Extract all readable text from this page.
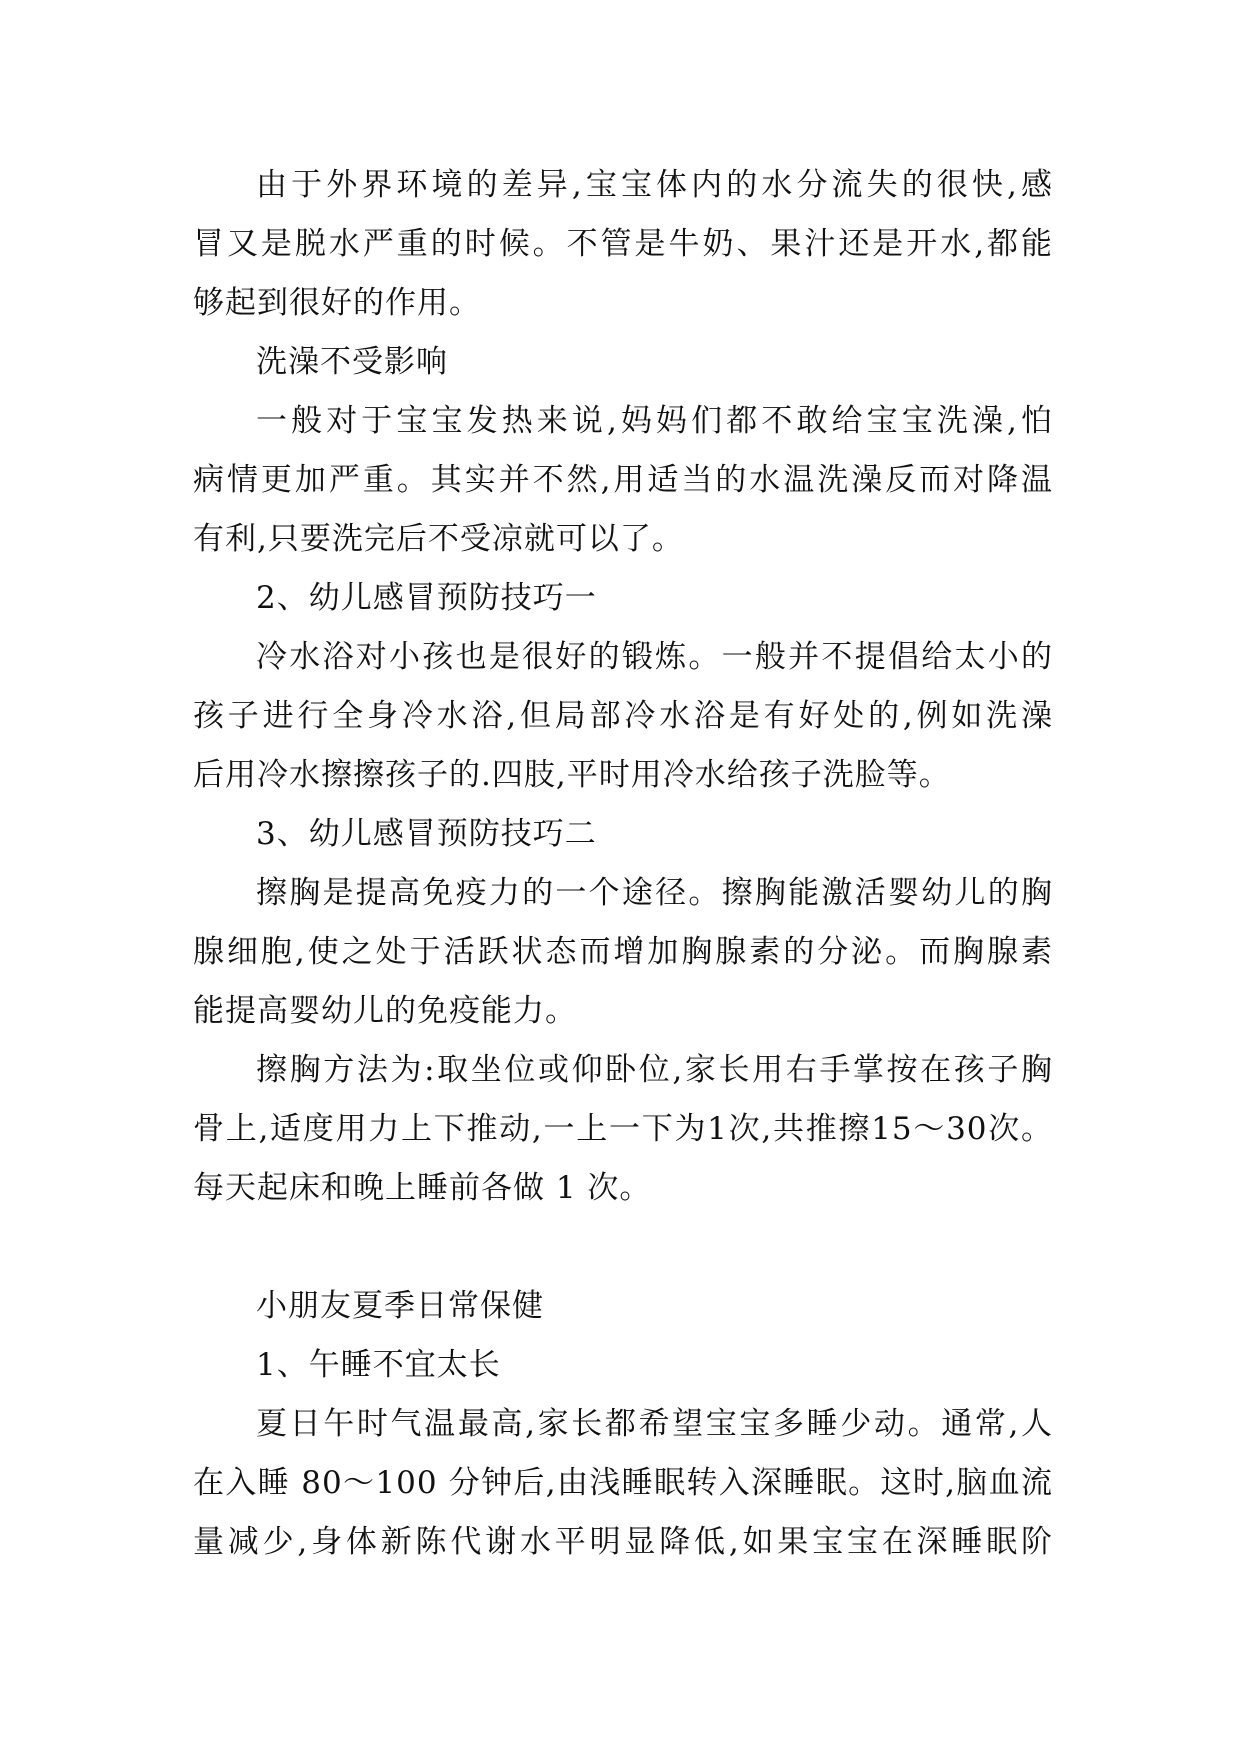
由于外界环境的差异,宝宝体内的水分流失的很快,感
冒又是脱水严重的时候。不管是牛奶、果汁还是开水,都能
够起到很好的作用。
洗澡不受影响
一般对于宝宝发热来说,妈妈们都不敢给宝宝洗澡,怕
病情更加严重。其实并不然,用适当的水温洗澡反而对降温
有利,只要洗完后不受凉就可以了。
2、幼儿感冒预防技巧一
冷水浴对小孩也是很好的锻炼。一般并不提倡给太小的
孩子进行全身冷水浴,但局部冷水浴是有好处的,例如洗澡
后用冷水擦擦孩子的.四肢,平时用冷水给孩子洗脸等。
3、幼儿感冒预防技巧二
擦胸是提高免疫力的一个途径。擦胸能激活婴幼儿的胸
腺细胞,使之处于活跃状态而增加胸腺素的分泌。而胸腺素
能提高婴幼儿的免疫能力。
擦胸方法为:取坐位或仰卧位,家长用右手掌按在孩子胸
骨上,适度用力上下推动,一上一下为1次,共推擦15～30次。
每天起床和晚上睡前各做 1 次。
小朋友夏季日常保健
1、午睡不宜太长
夏日午时气温最高,家长都希望宝宝多睡少动。通常,人
在入睡 80～100 分钟后,由浅睡眠转入深睡眠。这时,脑血流
量减少,身体新陈代谢水平明显降低,如果宝宝在深睡眠阶
